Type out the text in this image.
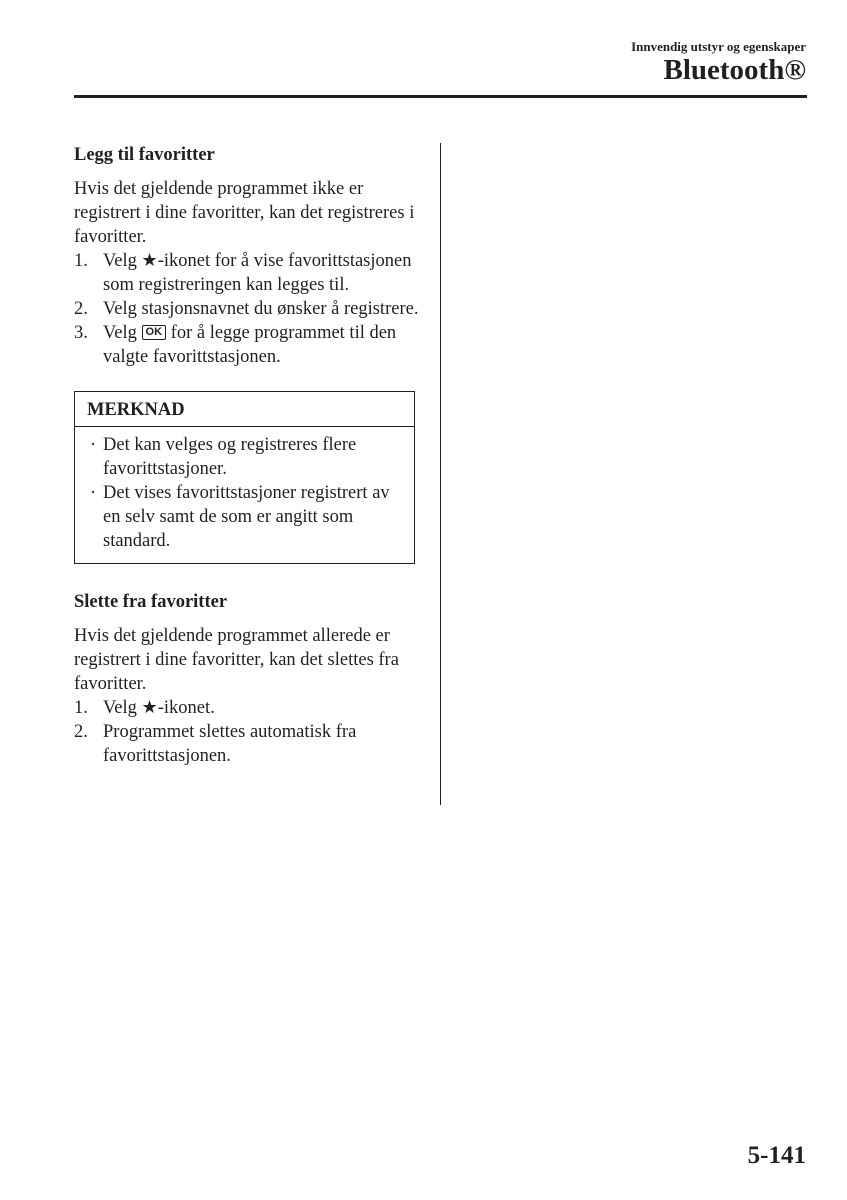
Innvendig utstyr og egenskaper
Bluetooth®
Legg til favoritter

Hvis det gjeldende programmet ikke er registrert i dine favoritter, kan det registreres i favoritter.

1. Velg ★-ikonet for å vise favorittstasjonen som registreringen kan legges til.
2. Velg stasjonsnavnet du ønsker å registrere.
3. Velg OK for å legge programmet til den valgte favorittstasjonen.
MERKNAD
· Det kan velges og registreres flere favorittstasjoner.
· Det vises favorittstasjoner registrert av en selv samt de som er angitt som standard.
Slette fra favoritter

Hvis det gjeldende programmet allerede er registrert i dine favoritter, kan det slettes fra favoritter.

1. Velg ★-ikonet.
2. Programmet slettes automatisk fra favorittstasjonen.
5-141
